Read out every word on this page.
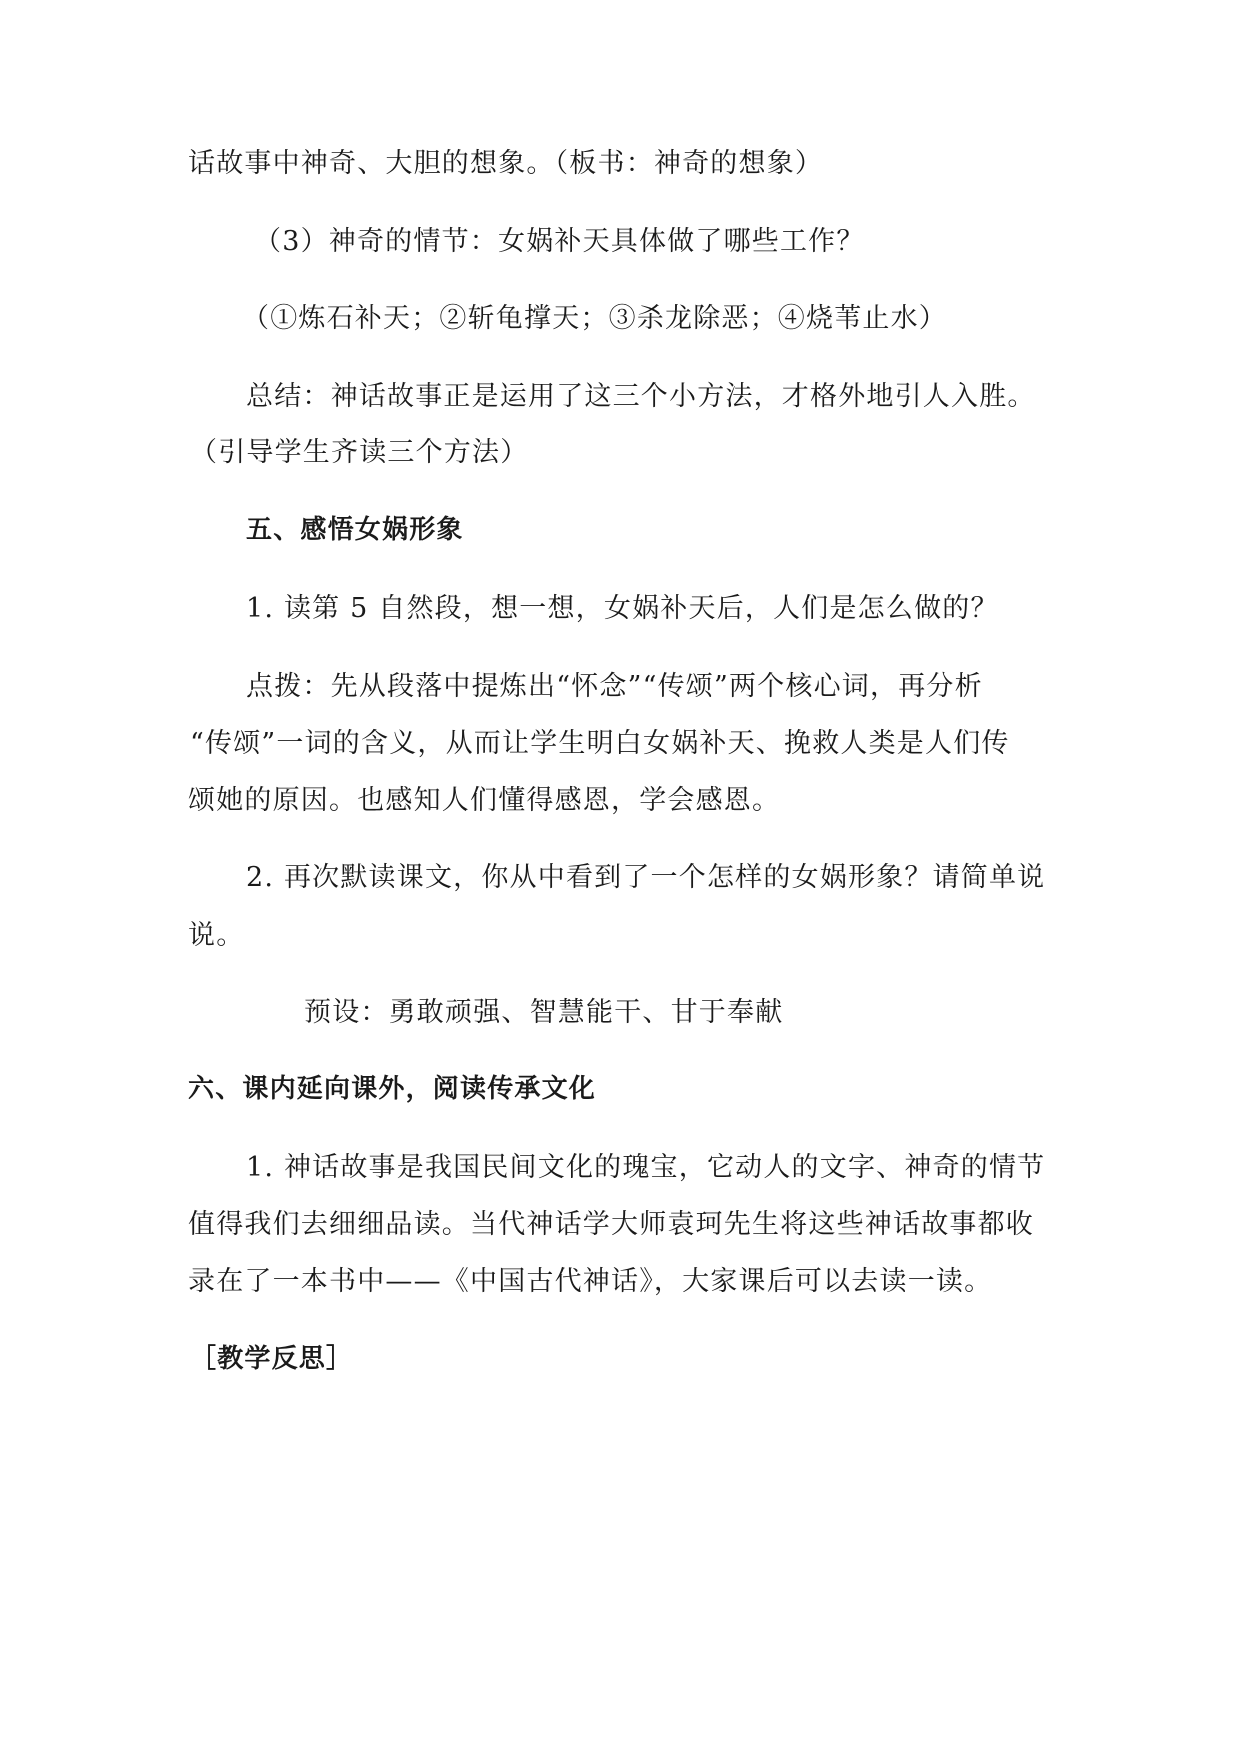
话故事中神奇、大胆的想象。（板书：神奇的想象）
（3）神奇的情节：女娲补天具体做了哪些工作？
（①炼石补天；②斩龟撑天；③杀龙除恶；④烧苇止水）
总结：神话故事正是运用了这三个小方法，才格外地引人入胜。
（引导学生齐读三个方法）
五、感悟女娲形象
1. 读第 5 自然段，想一想，女娲补天后，人们是怎么做的？
点拨：先从段落中提炼出“怀念”“传颂”两个核心词，再分析
“传颂”一词的含义，从而让学生明白女娲补天、挽救人类是人们传
颂她的原因。也感知人们懂得感恩，学会感恩。
2. 再次默读课文，你从中看到了一个怎样的女娲形象？请简单说
说。
预设：勇敢顽强、智慧能干、甘于奉献
六、课内延向课外，阅读传承文化
1. 神话故事是我国民间文化的瑰宝，它动人的文字、神奇的情节
值得我们去细细品读。当代神话学大师袁珂先生将这些神话故事都收
录在了一本书中——《中国古代神话》，大家课后可以去读一读。
［教学反思］
